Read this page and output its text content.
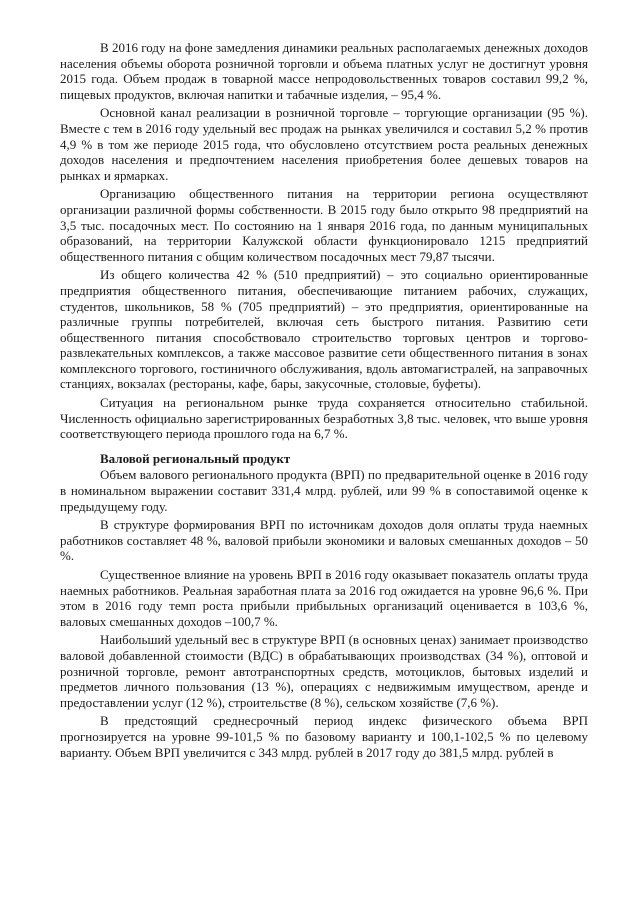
В 2016 году на фоне замедления динамики реальных располагаемых денежных доходов населения объемы оборота розничной торговли и объема платных услуг не достигнут уровня 2015 года. Объем продаж в товарной массе непродовольственных товаров составил 99,2 %, пищевых продуктов, включая напитки и табачные изделия, – 95,4 %.

Основной канал реализации в розничной торговле – торгующие организации (95 %). Вместе с тем в 2016 году удельный вес продаж на рынках увеличился и составил 5,2 % против 4,9 % в том же периоде 2015 года, что обусловлено отсутствием роста реальных денежных доходов населения и предпочтением населения приобретения более дешевых товаров на рынках и ярмарках.

Организацию общественного питания на территории региона осуществляют организации различной формы собственности. В 2015 году было открыто 98 предприятий на 3,5 тыс. посадочных мест. По состоянию на 1 января 2016 года, по данным муниципальных образований, на территории Калужской области функционировало 1215 предприятий общественного питания с общим количеством посадочных мест 79,87 тысячи.

Из общего количества 42 % (510 предприятий) – это социально ориентированные предприятия общественного питания, обеспечивающие питанием рабочих, служащих, студентов, школьников, 58 % (705 предприятий) – это предприятия, ориентированные на различные группы потребителей, включая сеть быстрого питания. Развитию сети общественного питания способствовало строительство торговых центров и торгово-развлекательных комплексов, а также массовое развитие сети общественного питания в зонах комплексного торгового, гостиничного обслуживания, вдоль автомагистралей, на заправочных станциях, вокзалах (рестораны, кафе, бары, закусочные, столовые, буфеты).

Ситуация на региональном рынке труда сохраняется относительно стабильной. Численность официально зарегистрированных безработных 3,8 тыс. человек, что выше уровня соответствующего периода прошлого года на 6,7 %.

Валовой региональный продукт

Объем валового регионального продукта (ВРП) по предварительной оценке в 2016 году в номинальном выражении составит 331,4 млрд. рублей, или 99 % в сопоставимой оценке к предыдущему году.

В структуре формирования ВРП по источникам доходов доля оплаты труда наемных работников составляет 48 %, валовой прибыли экономики и валовых смешанных доходов – 50 %.

Существенное влияние на уровень ВРП в 2016 году оказывает показатель оплаты труда наемных работников. Реальная заработная плата за 2016 год ожидается на уровне 96,6 %. При этом в 2016 году темп роста прибыли прибыльных организаций оценивается в 103,6 %, валовых смешанных доходов –100,7 %.

Наибольший удельный вес в структуре ВРП (в основных ценах) занимает производство валовой добавленной стоимости (ВДС) в обрабатывающих производствах (34 %), оптовой и розничной торговле, ремонт автотранспортных средств, мотоциклов, бытовых изделий и предметов личного пользования (13 %), операциях с недвижимым имуществом, аренде и предоставлении услуг (12 %), строительстве (8 %), сельском хозяйстве (7,6 %).

В предстоящий среднесрочный период индекс физического объема ВРП прогнозируется на уровне 99-101,5 % по базовому варианту и 100,1-102,5 % по целевому варианту. Объем ВРП увеличится с 343 млрд. рублей в 2017 году до 381,5 млрд. рублей в
